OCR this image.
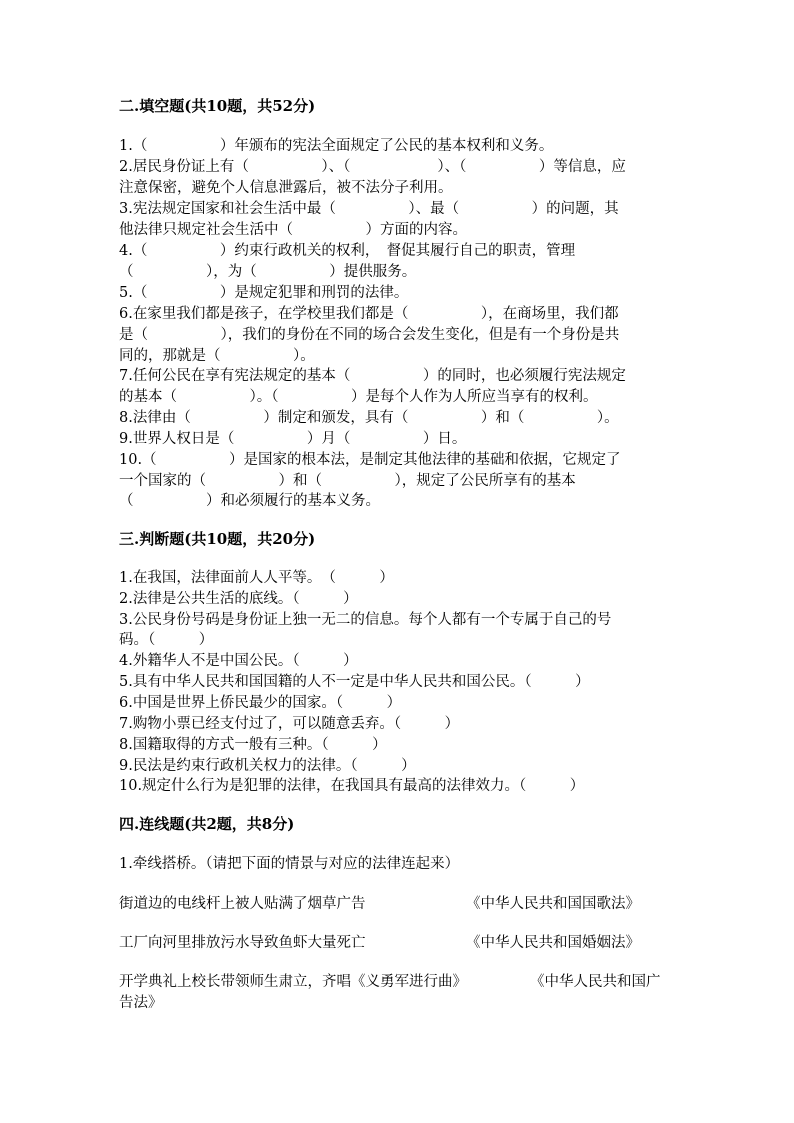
二.填空题(共10题，共52分)
1.（　　　　　）年颁布的宪法全面规定了公民的基本权利和义务。
2.居民身份证上有（　　　　　）、（　　　　　　）、（　　　　　）等信息，应
注意保密，避免个人信息泄露后，被不法分子利用。
3.宪法规定国家和社会生活中最（　　　　　）、最（　　　　　）的问题，其
他法律只规定社会生活中（　　　　　）方面的内容。
4.（　　　　　）约束行政机关的权利，　督促其履行自己的职责，管理
（　　　　　），为（　　　　　）提供服务。
5.（　　　　　）是规定犯罪和刑罚的法律。
6.在家里我们都是孩子，在学校里我们都是（　　　　　），在商场里，我们都
是（　　　　　），我们的身份在不同的场合会发生变化，但是有一个身份是共
同的，那就是（　　　　　）。
7.任何公民在享有宪法规定的基本（　　　　　）的同时，也必须履行宪法规定
的基本（　　　　　）。（　　　　　）是每个人作为人所应当享有的权利。
8.法律由（　　　　　）制定和颁发，具有（　　　　　）和（　　　　　）。
9.世界人权日是（　　　　　）月（　　　　　）日。
10.（　　　　　）是国家的根本法，是制定其他法律的基础和依据，它规定了
一个国家的（　　　　　）和（　　　　　），规定了公民所享有的基本
（　　　　　）和必须履行的基本义务。
三.判断题(共10题，共20分)
1.在我国，法律面前人人平等。　（　　　）
2.法律是公共生活的底线。（　　　）
3.公民身份号码是身份证上独一无二的信息。每个人都有一个专属于自己的号
码。（　　　）
4.外籍华人不是中国公民。（　　　）
5.具有中华人民共和国国籍的人不一定是中华人民共和国公民。（　　　）
6.中国是世界上侨民最少的国家。（　　　）
7.购物小票已经支付过了，可以随意丢弃。（　　　）
8.国籍取得的方式一般有三种。（　　　）
9.民法是约束行政机关权力的法律。（　　　）
10.规定什么行为是犯罪的法律，在我国具有最高的法律效力。（　　　）
四.连线题(共2题，共8分)
1.牵线搭桥。（请把下面的情景与对应的法律连起来）
街道边的电线杆上被人贴满了烟草广告	《中华人民共和国国歌法》
工厂向河里排放污水导致鱼虾大量死亡	《中华人民共和国婚姻法》
开学典礼上校长带领师生肃立，齐唱《义勇军进行曲》	《中华人民共和国广
告法》
